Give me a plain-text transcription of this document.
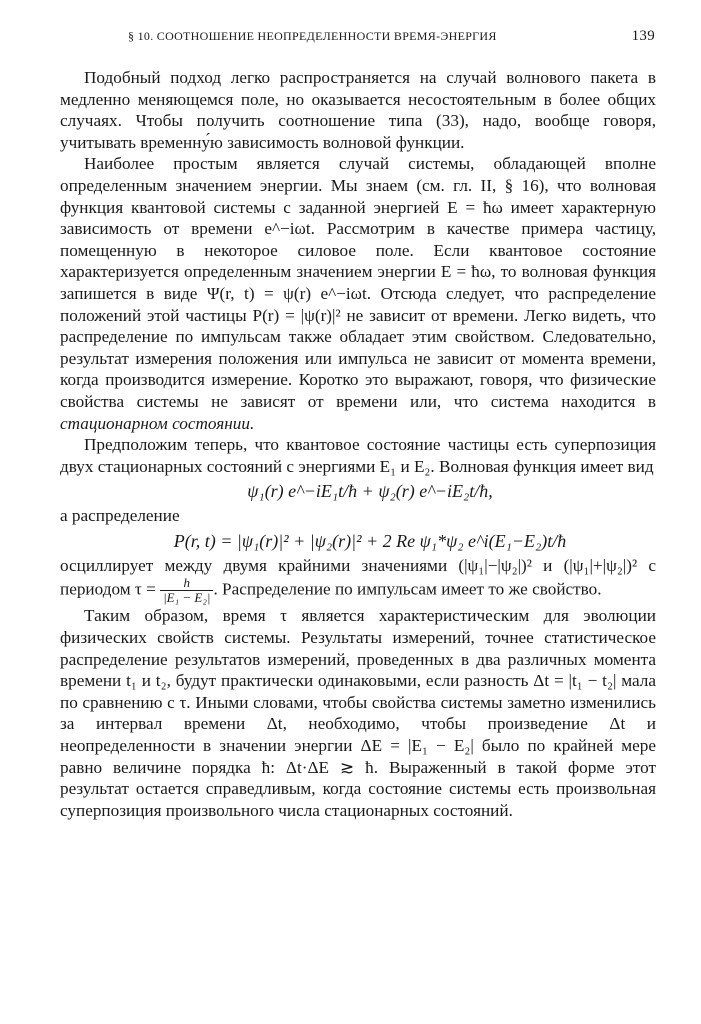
§ 10. СООТНОШЕНИЕ НЕОПРЕДЕЛЕННОСТИ ВРЕМЯ-ЭНЕРГИЯ	139

Подобный подход легко распространяется на случай волнового пакета в медленно меняющемся поле, но оказывается несостоятельным в более общих случаях. Чтобы получить соотношение типа (33), надо, вообще говоря, учитывать временну́ю зависимость волновой функции.

Наиболее простым является случай системы, обладающей вполне определенным значением энергии. Мы знаем (см. гл. II, § 16), что волновая функция квантовой системы с заданной энергией E = ħω имеет характерную зависимость от времени e^−iωt. Рассмотрим в качестве примера частицу, помещенную в некоторое силовое поле. Если квантовое состояние характеризуется определенным значением энергии E = ħω, то волновая функция запишется в виде Ψ(r, t) = ψ(r) e^−iωt. Отсюда следует, что распределение положений этой частицы P(r) = |ψ(r)|² не зависит от времени. Легко видеть, что распределение по импульсам также обладает этим свойством. Следовательно, результат измерения положения или импульса не зависит от момента времени, когда производится измерение. Коротко это выражают, говоря, что физические свойства системы не зависят от времени или, что система находится в стационарном состоянии.

Предположим теперь, что квантовое состояние частицы есть суперпозиция двух стационарных состояний с энергиями E₁ и E₂. Волновая функция имеет вид

ψ₁(r) e^−iE₁t/ħ + ψ₂(r) e^−iE₂t/ħ,

а распределение

P(r, t) = |ψ₁(r)|² + |ψ₂(r)|² + 2 Re ψ₁*ψ₂ e^i(E₁−E₂)t/ħ

осциллирует между двумя крайними значениями (|ψ₁|−|ψ₂|)² и (|ψ₁|+|ψ₂|)² с периодом $\tau = \frac{h}{\text{|E₁ − E₂|}}$ . Распределение по импульсам имеет то же свойство.

Таким образом, время τ является характеристическим для эволюции физических свойств системы. Результаты измерений, точнее статистическое распределение результатов измерений, проведенных в два различных момента времени t₁ и t₂, будут практически одинаковыми, если разность Δt = |t₁ − t₂| мала по сравнению с τ. Иными словами, чтобы свойства системы заметно изменились за интервал времени Δt, необходимо, чтобы произведение Δt и неопределенности в значении энергии ΔE = |E₁ − E₂| было по крайней мере равно величине порядка ħ: Δt·ΔE ≳ ħ. Выраженный в такой форме этот результат остается справедливым, когда состояние системы есть произвольная суперпозиция произвольного числа стационарных состояний.
